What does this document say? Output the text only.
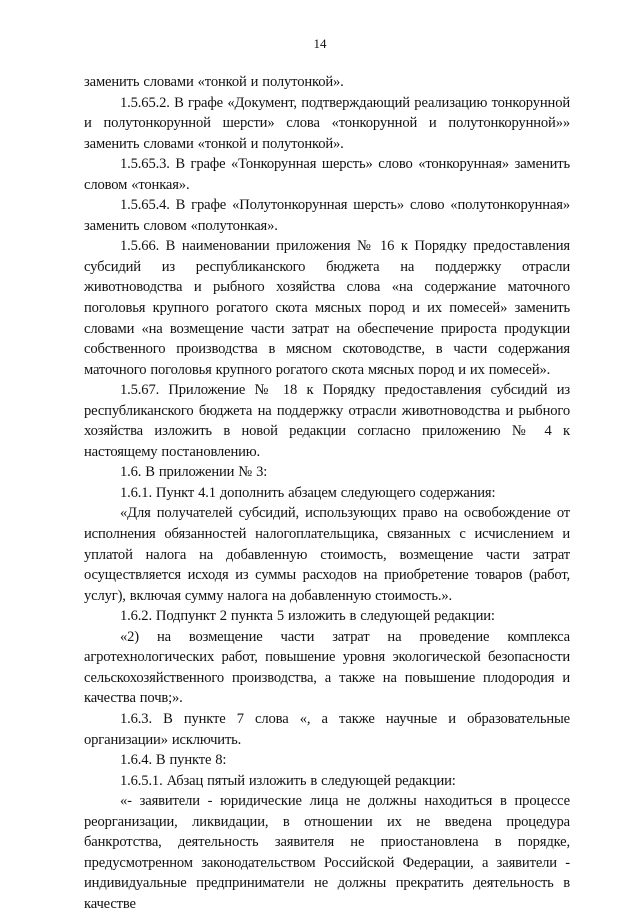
14

заменить словами «тонкой и полутонкой».

1.5.65.2. В графе «Документ, подтверждающий реализацию тонкорунной и полутонкорунной шерсти» слова «тонкорунной и полутонкорунной»» заменить словами «тонкой и полутонкой».

1.5.65.3. В графе «Тонкорунная шерсть» слово «тонкорунная» заменить словом «тонкая».

1.5.65.4. В графе «Полутонкорунная шерсть» слово «полутонкорунная» заменить словом «полутонкая».

1.5.66. В наименовании приложения № 16 к Порядку предоставления субсидий из республиканского бюджета на поддержку отрасли животноводства и рыбного хозяйства слова «на содержание маточного поголовья крупного рогатого скота мясных пород и их помесей» заменить словами «на возмещение части затрат на обеспечение прироста продукции собственного производства в мясном скотоводстве, в части содержания маточного поголовья крупного рогатого скота мясных пород и их помесей».

1.5.67. Приложение № 18 к Порядку предоставления субсидий из республиканского бюджета на поддержку отрасли животноводства и рыбного хозяйства изложить в новой редакции согласно приложению № 4 к настоящему постановлению.

1.6. В приложении № 3:

1.6.1. Пункт 4.1 дополнить абзацем следующего содержания:

«Для получателей субсидий, использующих право на освобождение от исполнения обязанностей налогоплательщика, связанных с исчислением и уплатой налога на добавленную стоимость, возмещение части затрат осуществляется исходя из суммы расходов на приобретение товаров (работ, услуг), включая сумму налога на добавленную стоимость.».

1.6.2. Подпункт 2 пункта 5 изложить в следующей редакции:

«2) на возмещение части затрат на проведение комплекса агротехнологических работ, повышение уровня экологической безопасности сельскохозяйственного производства, а также на повышение плодородия и качества почв;».

1.6.3. В пункте 7 слова «, а также научные и образовательные организации» исключить.

1.6.4. В пункте 8:

1.6.5.1. Абзац пятый изложить в следующей редакции:

«- заявители - юридические лица не должны находиться в процессе реорганизации, ликвидации, в отношении их не введена процедура банкротства, деятельность заявителя не приостановлена в порядке, предусмотренном законодательством Российской Федерации, а заявители - индивидуальные предприниматели не должны прекратить деятельность в качестве
